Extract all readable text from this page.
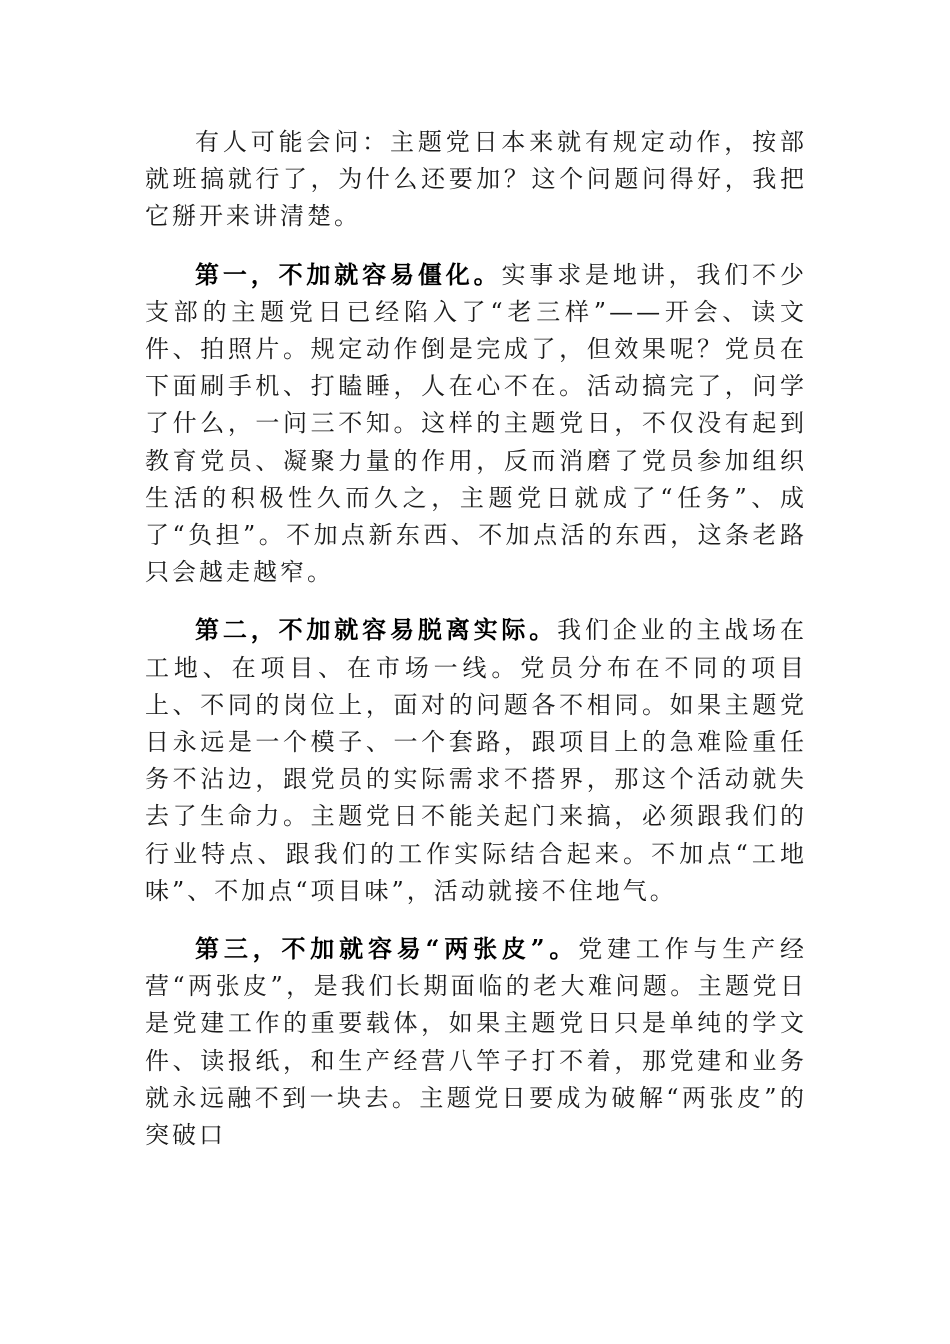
有人可能会问：主题党日本来就有规定动作，按部就班搞就行了，为什么还要加？这个问题问得好，我把它掰开来讲清楚。

第一，不加就容易僵化。实事求是地讲，我们不少支部的主题党日已经陷入了“老三样”——开会、读文件、拍照片。规定动作倒是完成了，但效果呢？党员在下面刷手机、打瞌睡，人在心不在。活动搞完了，问学了什么，一问三不知。这样的主题党日，不仅没有起到教育党员、凝聚力量的作用，反而消磨了党员参加组织生活的积极性久而久之，主题党日就成了“任务”、成了“负担”。不加点新东西、不加点活的东西，这条老路只会越走越窄。

第二，不加就容易脱离实际。我们企业的主战场在工地、在项目、在市场一线。党员分布在不同的项目上、不同的岗位上，面对的问题各不相同。如果主题党日永远是一个模子、一个套路，跟项目上的急难险重任务不沾边，跟党员的实际需求不搭界，那这个活动就失去了生命力。主题党日不能关起门来搞，必须跟我们的行业特点、跟我们的工作实际结合起来。不加点“工地味”、不加点“项目味”，活动就接不住地气。

第三，不加就容易“两张皮”。党建工作与生产经营“两张皮”，是我们长期面临的老大难问题。主题党日是党建工作的重要载体，如果主题党日只是单纯的学文件、读报纸，和生产经营八竿子打不着，那党建和业务就永远融不到一块去。主题党日要成为破解“两张皮”的突破口
